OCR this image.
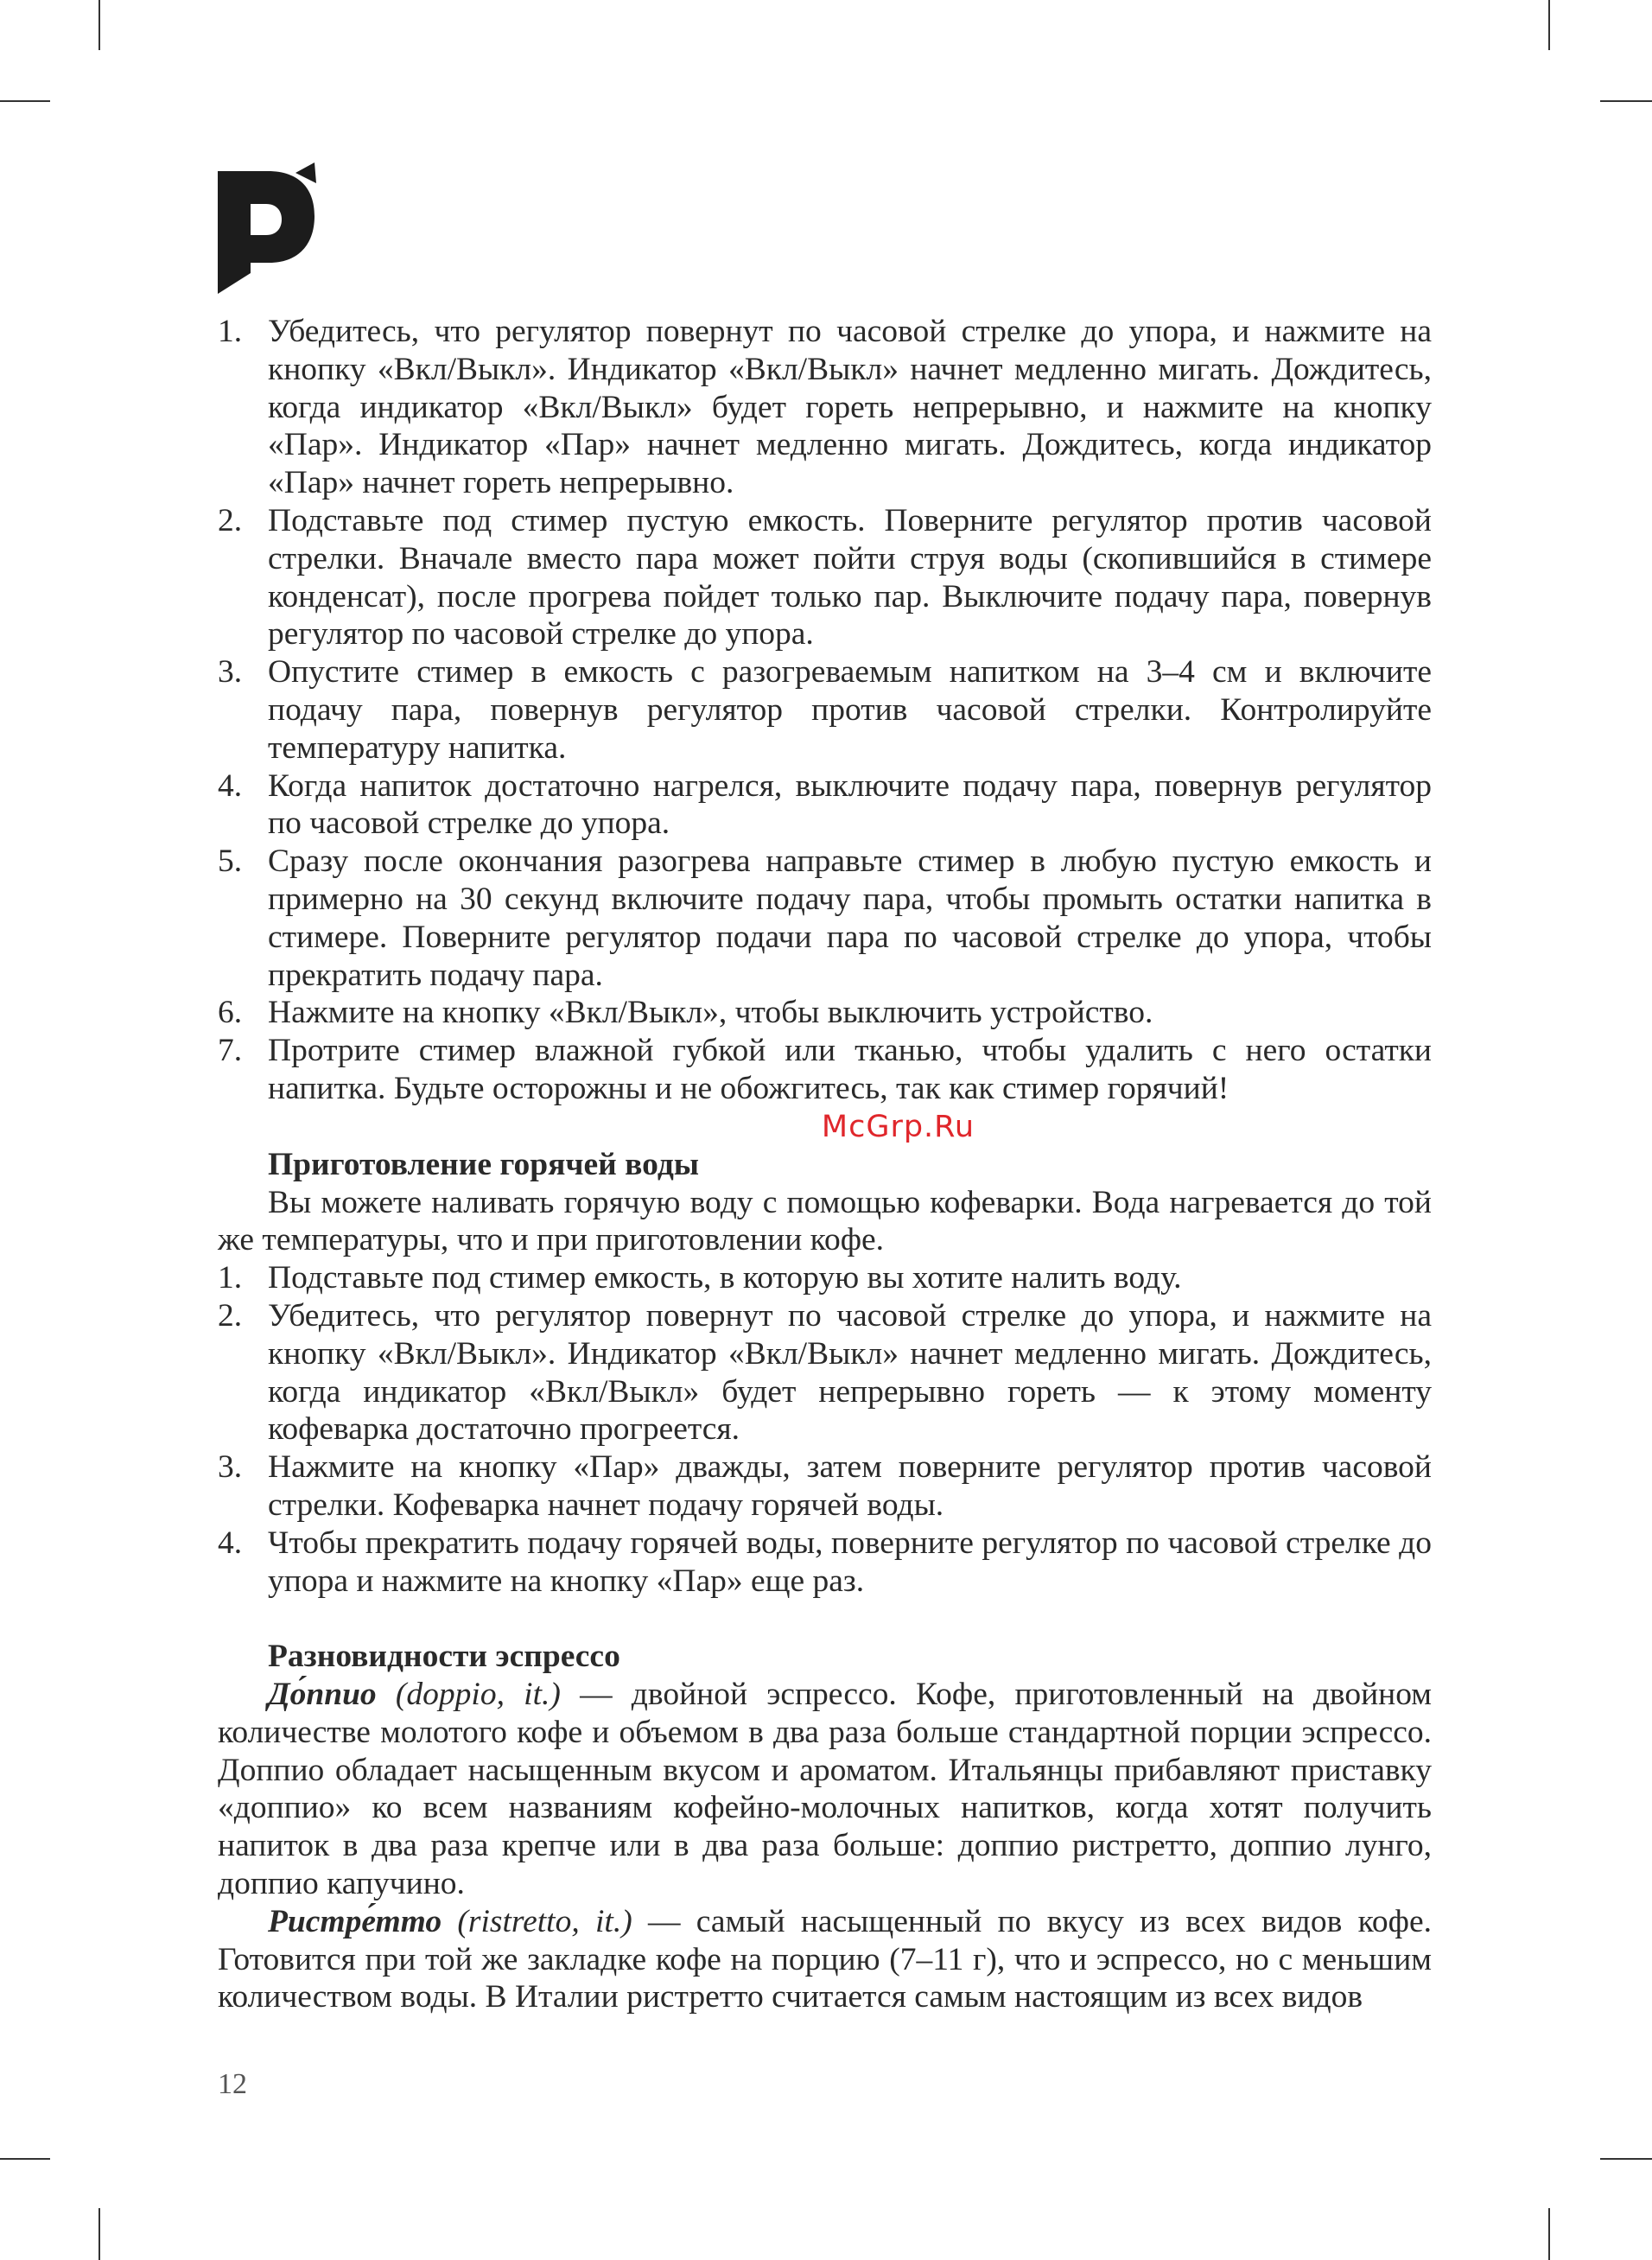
1. Убедитесь, что регулятор повернут по часовой стрелке до упора, и нажмите на кнопку «Вкл/Выкл». Индикатор «Вкл/Выкл» начнет медленно мигать. Дождитесь, когда индикатор «Вкл/Выкл» будет гореть непрерывно, и нажмите на кнопку «Пар». Индикатор «Пар» начнет медленно мигать. Дождитесь, когда индикатор «Пар» начнет гореть непрерывно.
2. Подставьте под стимер пустую емкость. Поверните регулятор против часовой стрелки. Вначале вместо пара может пойти струя воды (скопившийся в стимере конденсат), после прогрева пойдет только пар. Выключите подачу пара, повернув регулятор по часовой стрелке до упора.
3. Опустите стимер в емкость с разогреваемым напитком на 3–4 см и включите подачу пара, повернув регулятор против часовой стрелки. Контролируйте температуру напитка.
4. Когда напиток достаточно нагрелся, выключите подачу пара, повернув регулятор по часовой стрелке до упора.
5. Сразу после окончания разогрева направьте стимер в любую пустую емкость и примерно на 30 секунд включите подачу пара, чтобы промыть остатки напитка в стимере. Поверните регулятор подачи пара по часовой стрелке до упора, чтобы прекратить подачу пара.
6. Нажмите на кнопку «Вкл/Выкл», чтобы выключить устройство.
7. Протрите стимер влажной губкой или тканью, чтобы удалить с него остатки напитка. Будьте осторожны и не обожгитесь, так как стимер горячий!
McGrp.Ru
Приготовление горячей воды

Вы можете наливать горячую воду с помощью кофеварки. Вода нагревается до той же температуры, что и при приготовлении кофе.

1. Подставьте под стимер емкость, в которую вы хотите налить воду.
2. Убедитесь, что регулятор повернут по часовой стрелке до упора, и нажмите на кнопку «Вкл/Выкл». Индикатор «Вкл/Выкл» начнет медленно мигать. Дождитесь, когда индикатор «Вкл/Выкл» будет непрерывно гореть — к этому моменту кофеварка достаточно прогреется.
3. Нажмите на кнопку «Пар» дважды, затем поверните регулятор против часовой стрелки. Кофеварка начнет подачу горячей воды.
4. Чтобы прекратить подачу горячей воды, поверните регулятор по часовой стрелке до упора и нажмите на кнопку «Пар» еще раз.
Разновидности эспрессо

До́ппио (doppio, it.) — двойной эспрессо. Кофе, приготовленный на двойном количестве молотого кофе и объемом в два раза больше стандартной порции эспрессо. Доппио обладает насыщенным вкусом и ароматом. Итальянцы прибавляют приставку «доппио» ко всем названиям кофейно-молочных напитков, когда хотят получить напиток в два раза крепче или в два раза больше: доппио ристретто, доппио лунго, доппио капучино.

Ристре́тто (ristretto, it.) — самый насыщенный по вкусу из всех видов кофе. Готовится при той же закладке кофе на порцию (7–11 г), что и эспрессо, но с меньшим количеством воды. В Италии ристретто считается самым настоящим из всех видов

12
